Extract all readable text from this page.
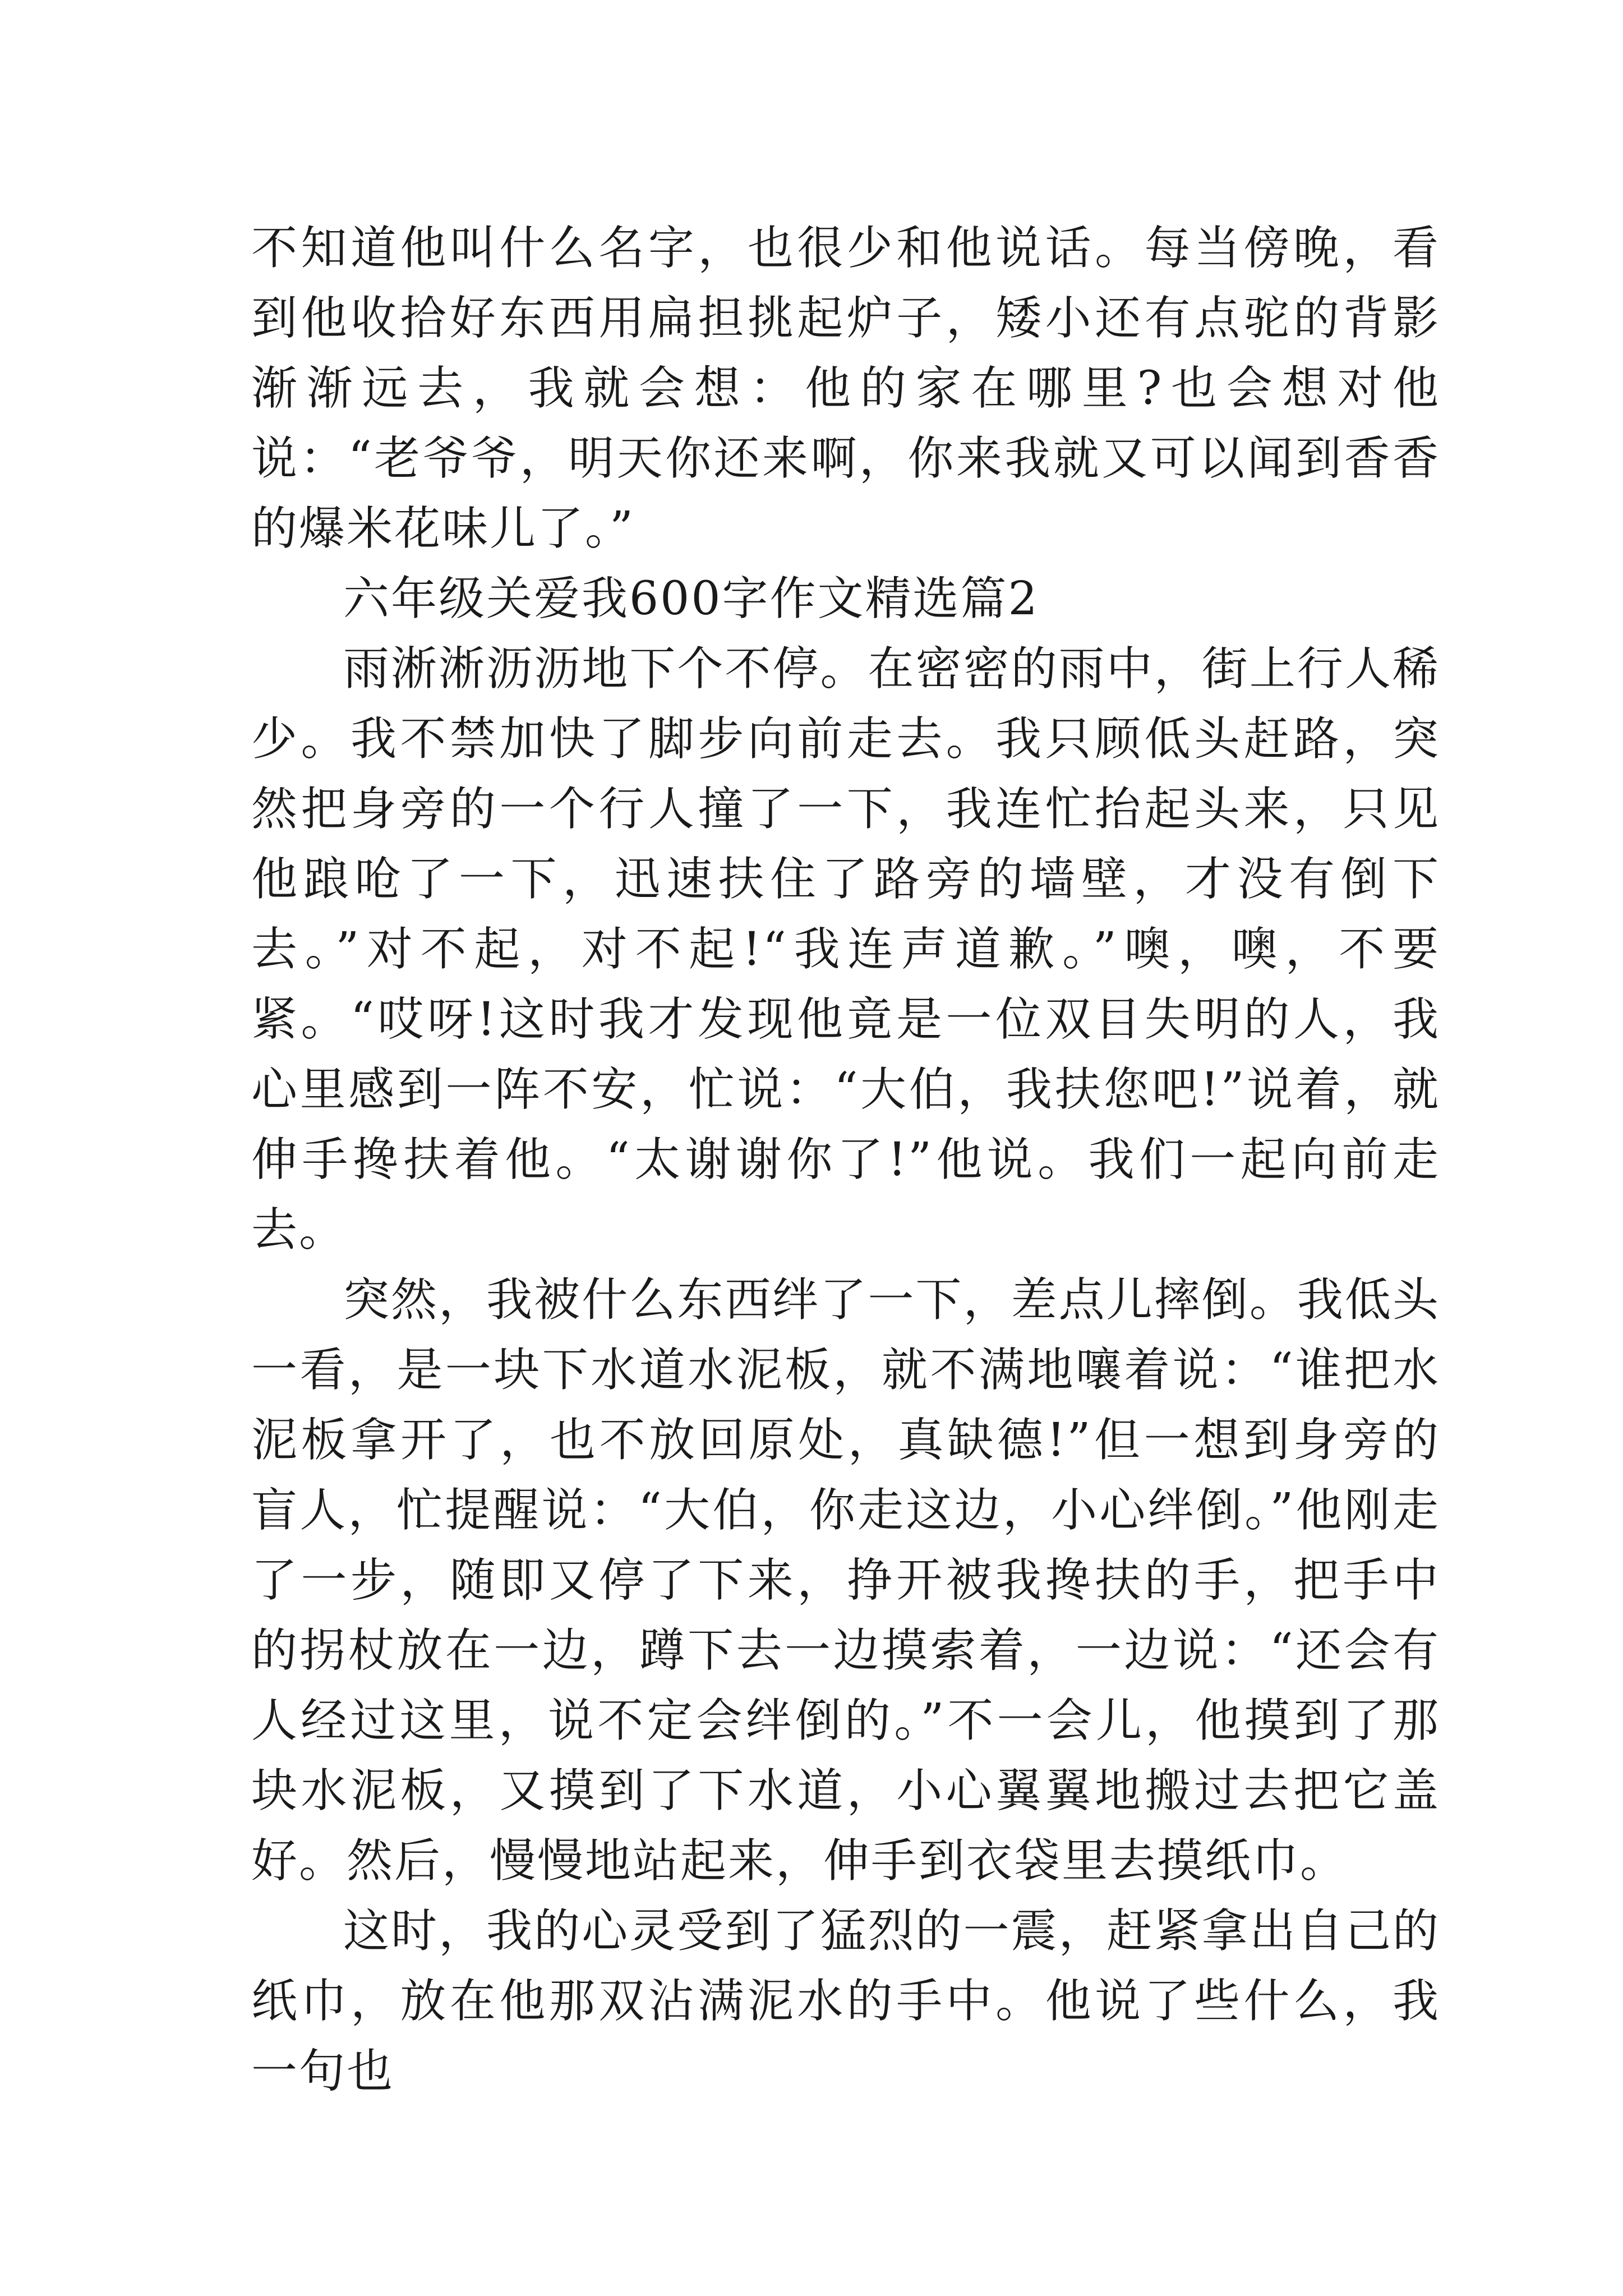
不知道他叫什么名字，也很少和他说话。每当傍晚，看到他收拾好东西用扁担挑起炉子，矮小还有点驼的背影渐渐远去，我就会想：他的家在哪里?也会想对他说：“老爷爷，明天你还来啊，你来我就又可以闻到香香的爆米花味儿了。”

六年级关爱我600字作文精选篇2

雨淅淅沥沥地下个不停。在密密的雨中，街上行人稀少。我不禁加快了脚步向前走去。我只顾低头赶路，突然把身旁的一个行人撞了一下，我连忙抬起头来，只见他踉呛了一下，迅速扶住了路旁的墙壁，才没有倒下去。”对不起，对不起!“我连声道歉。”噢，噢，不要紧。“哎呀!这时我才发现他竟是一位双目失明的人，我心里感到一阵不安，忙说：“大伯，我扶您吧!”说着，就伸手搀扶着他。“太谢谢你了!”他说。我们一起向前走去。

突然，我被什么东西绊了一下，差点儿摔倒。我低头一看，是一块下水道水泥板，就不满地嚷着说：“谁把水泥板拿开了，也不放回原处，真缺德!”但一想到身旁的盲人，忙提醒说：“大伯，你走这边，小心绊倒。”他刚走了一步，随即又停了下来，挣开被我搀扶的手，把手中的拐杖放在一边，蹲下去一边摸索着，一边说：“还会有人经过这里，说不定会绊倒的。”不一会儿，他摸到了那块水泥板，又摸到了下水道，小心翼翼地搬过去把它盖好。然后，慢慢地站起来，伸手到衣袋里去摸纸巾。

这时，我的心灵受到了猛烈的一震，赶紧拿出自己的纸巾，放在他那双沾满泥水的手中。他说了些什么，我一句也
